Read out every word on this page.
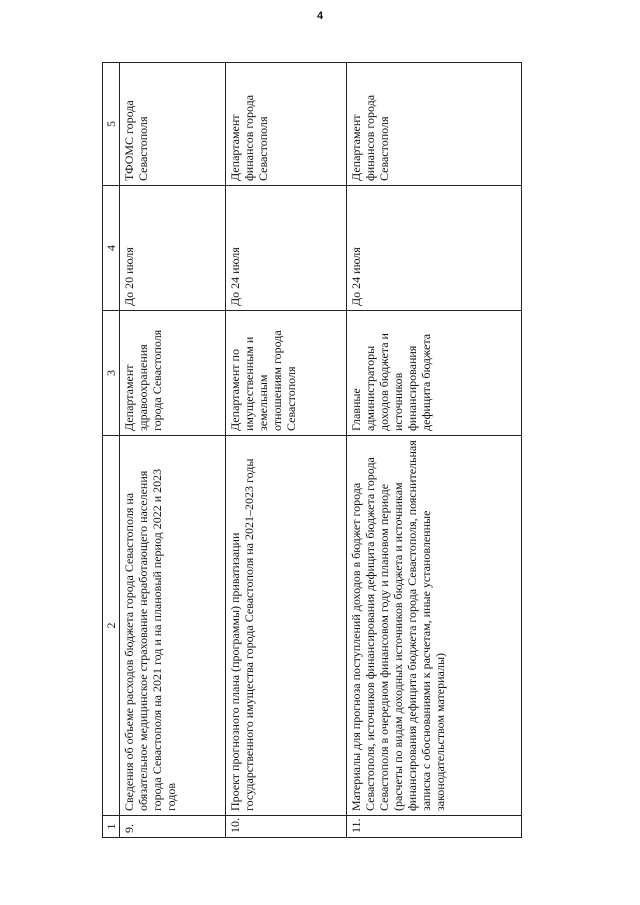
4
1	2	3	4	5
9.	Сведения об объеме расходов бюджета города Севастополя на обязательное медицинское страхование неработающего населения города Севастополя на 2021 год и на плановый период 2022 и 2023 годов	Департамент здравоохранения города Севастополя	До 20 июля	ТФОМС города Севастополя
10.	Проект прогнозного плана (программы) приватизации государственного имущества города Севастополя на 2021–2023 годы	Департамент по имущественным и земельным отношениям города Севастополя	До 24 июля	Департамент финансов города Севастополя
11.	Материалы для прогноза поступлений доходов в бюджет города Севастополя, источников финансирования дефицита бюджета города Севастополя в очередном финансовом году и плановом периоде (расчеты по видам доходных источников бюджета и источникам финансирования дефицита бюджета города Севастополя, пояснительная записка с обоснованиями к расчетам, иные установленные законодательством материалы)	Главные администраторы доходов бюджета и источников финансирования дефицита бюджета	До 24 июля	Департамент финансов города Севастополя
